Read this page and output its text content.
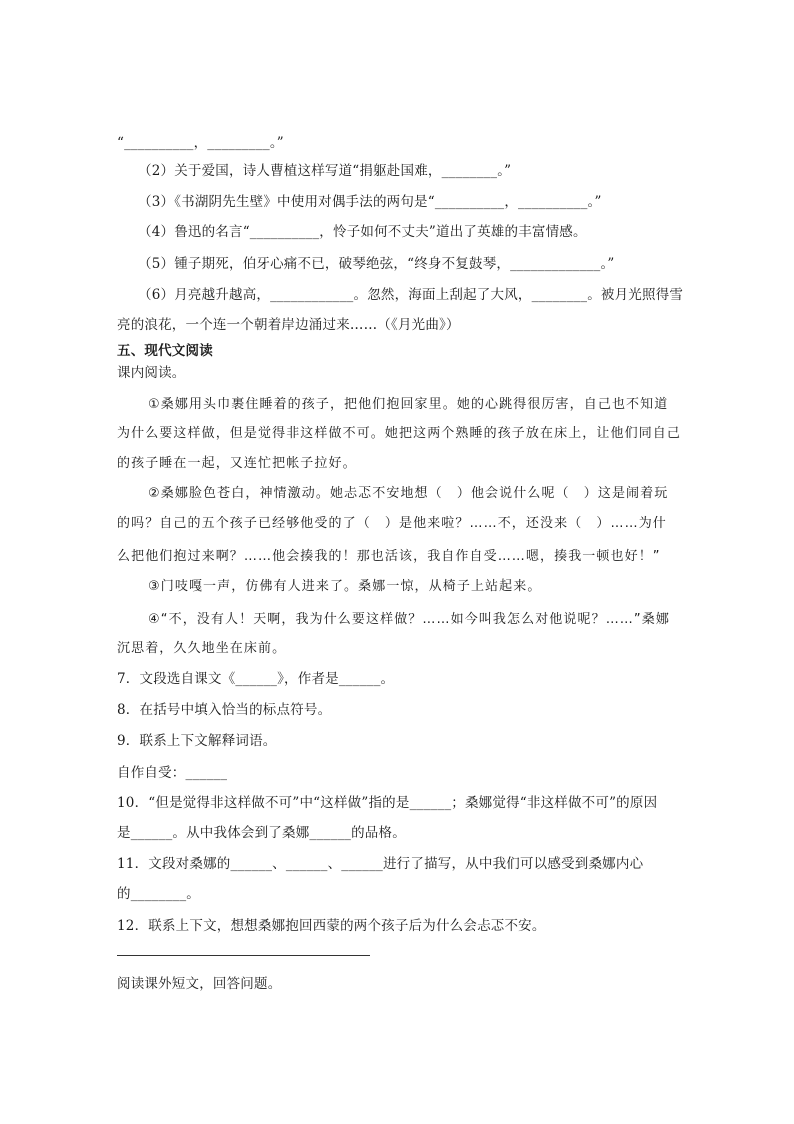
“__________，_________。”
（2）关于爱国，诗人曹植这样写道“捐躯赴国难，________。”
（3）《书湖阴先生壁》中使用对偶手法的两句是“__________，__________。”
（4）鲁迅的名言“__________，怜子如何不丈夫”道出了英雄的丰富情感。
（5）锺子期死，伯牙心痛不已，破琴绝弦，“终身不复鼓琴，_____________。”
（6）月亮越升越高，____________。忽然，海面上刮起了大风，________。被月光照得雪
亮的浪花，一个连一个朝着岸边涌过来……（《月光曲》）
五、现代文阅读
课内阅读。
①桑娜用头巾裹住睡着的孩子，把他们抱回家里。她的心跳得很厉害，自己也不知道
为什么要这样做，但是觉得非这样做不可。她把这两个熟睡的孩子放在床上，让他们同自己
的孩子睡在一起，又连忙把帐子拉好。
②桑娜脸色苍白，神情激动。她忐忑不安地想（　）他会说什么呢（　）这是闹着玩
的吗？自己的五个孩子已经够他受的了（　）是他来啦？……不，还没来（　）……为什
么把他们抱过来啊？……他会揍我的！那也活该，我自作自受……嗯，揍我一顿也好！”
③门吱嘎一声，仿佛有人进来了。桑娜一惊，从椅子上站起来。
④“不，没有人！天啊，我为什么要这样做？……如今叫我怎么对他说呢？……”桑娜
沉思着，久久地坐在床前。
7．文段选自课文《______》，作者是______。
8．在括号中填入恰当的标点符号。
9．联系上下文解释词语。
自作自受：______
10．“但是觉得非这样做不可”中“这样做”指的是______；桑娜觉得“非这样做不可”的原因
是______。从中我体会到了桑娜______的品格。
11．文段对桑娜的______、______、______进行了描写，从中我们可以感受到桑娜内心
的________。
12．联系上下文，想想桑娜抱回西蒙的两个孩子后为什么会忐忑不安。
阅读课外短文，回答问题。
